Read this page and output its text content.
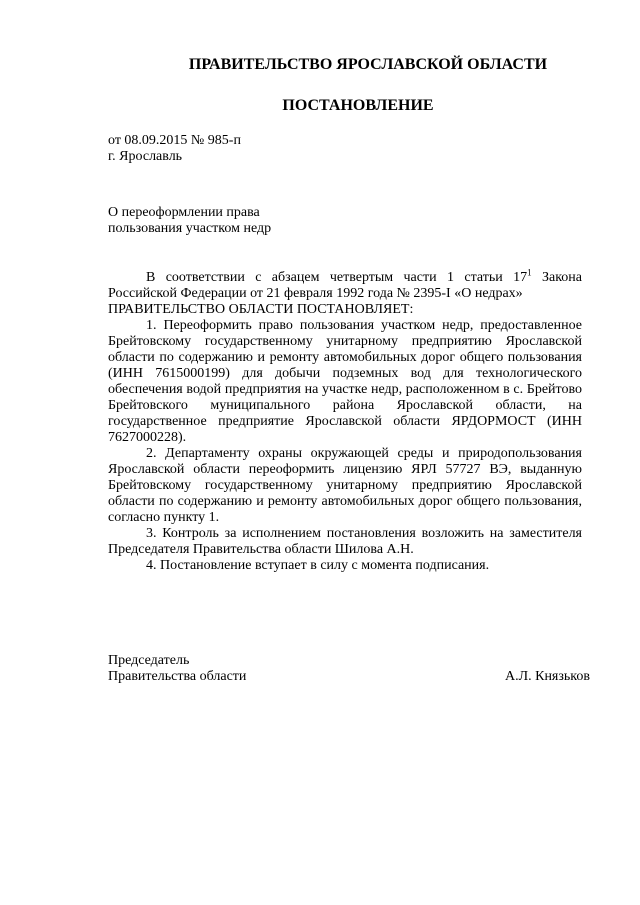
ПРАВИТЕЛЬСТВО ЯРОСЛАВСКОЙ ОБЛАСТИ
ПОСТАНОВЛЕНИЕ
от 08.09.2015 № 985-п
г. Ярославль
О переоформлении права
пользования участком недр

В соответствии с абзацем четвертым части 1 статьи $17^1$ Закона Российской Федерации от 21 февраля 1992 года № 2395-I «О недрах»

ПРАВИТЕЛЬСТВО ОБЛАСТИ ПОСТАНОВЛЯЕТ:

1. Переоформить право пользования участком недр, предоставленное Брейтовскому государственному унитарному предприятию Ярославской области по содержанию и ремонту автомобильных дорог общего пользования (ИНН 7615000199) для добычи подземных вод для технологического обеспечения водой предприятия на участке недр, расположенном в с. Брейтово Брейтовского муниципального района Ярославской области, на государственное предприятие Ярославской области ЯРДОРМОСТ (ИНН 7627000228).

2. Департаменту охраны окружающей среды и природопользования Ярославской области переоформить лицензию ЯРЛ 57727 ВЭ, выданную Брейтовскому государственному унитарному предприятию Ярославской области по содержанию и ремонту автомобильных дорог общего пользования, согласно пункту 1.

3. Контроль за исполнением постановления возложить на заместителя Председателя Правительства области Шилова А.Н.

4. Постановление вступает в силу с момента подписания.

Председатель
Правительства области	А.Л. Князьков
